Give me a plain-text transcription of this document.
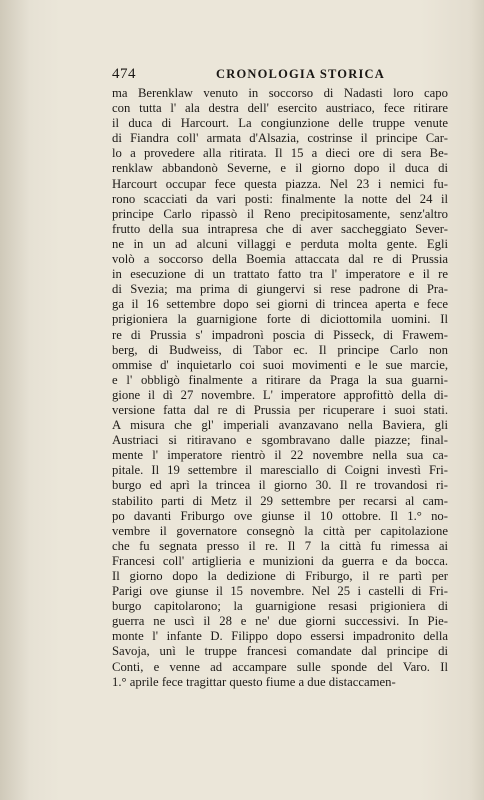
474	CRONOLOGIA STORICA
ma Berenklaw venuto in soccorso di Nadasti loro capo
con tutta l' ala destra dell' esercito austriaco, fece ritirare
il duca di Harcourt. La congiunzione delle truppe venute
di Fiandra coll' armata d'Alsazia, costrinse il principe Car-
lo a provedere alla ritirata. Il 15 a dieci ore di sera Be-
renklaw abbandonò Severne, e il giorno dopo il duca di
Harcourt occupar fece questa piazza. Nel 23 i nemici fu-
rono scacciati da vari posti: finalmente la notte del 24 il
principe Carlo ripassò il Reno precipitosamente, senz'altro
frutto della sua intrapresa che di aver saccheggiato Sever-
ne in un ad alcuni villaggi e perduta molta gente. Egli
volò a soccorso della Boemia attaccata dal re di Prussia
in esecuzione di un trattato fatto tra l' imperatore e il re
di Svezia; ma prima di giungervi si rese padrone di Pra-
ga il 16 settembre dopo sei giorni di trincea aperta e fece
prigioniera la guarnigione forte di diciottomila uomini. Il
re di Prussia s' impadronì poscia di Pisseck, di Frawem-
berg, di Budweiss, di Tabor ec. Il principe Carlo non
ommise d' inquietarlo coi suoi movimenti e le sue marcie,
e l' obbligò finalmente a ritirare da Praga la sua guarni-
gione il dì 27 novembre. L' imperatore approfittò della di-
versione fatta dal re di Prussia per ricuperare i suoi stati.
A misura che gl' imperiali avanzavano nella Baviera, gli
Austriaci si ritiravano e sgombravano dalle piazze; final-
mente l' imperatore rientrò il 22 novembre nella sua ca-
pitale. Il 19 settembre il maresciallo di Coigni investì Fri-
burgo ed aprì la trincea il giorno 30. Il re trovandosi ri-
stabilito parti di Metz il 29 settembre per recarsi al cam-
po davanti Friburgo ove giunse il 10 ottobre. Il 1.° no-
vembre il governatore consegnò la città per capitolazione
che fu segnata presso il re. Il 7 la città fu rimessa ai
Francesi coll' artiglieria e munizioni da guerra e da bocca.
Il giorno dopo la dedizione di Friburgo, il re partì per
Parigi ove giunse il 15 novembre. Nel 25 i castelli di Fri-
burgo capitolarono; la guarnigione resasi prigioniera di
guerra ne uscì il 28 e ne' due giorni successivi. In Pie-
monte l' infante D. Filippo dopo essersi impadronito della
Savoja, unì le truppe francesi comandate dal principe di
Conti, e venne ad accampare sulle sponde del Varo. Il
1.° aprile fece tragittar questo fiume a due distaccamen-
